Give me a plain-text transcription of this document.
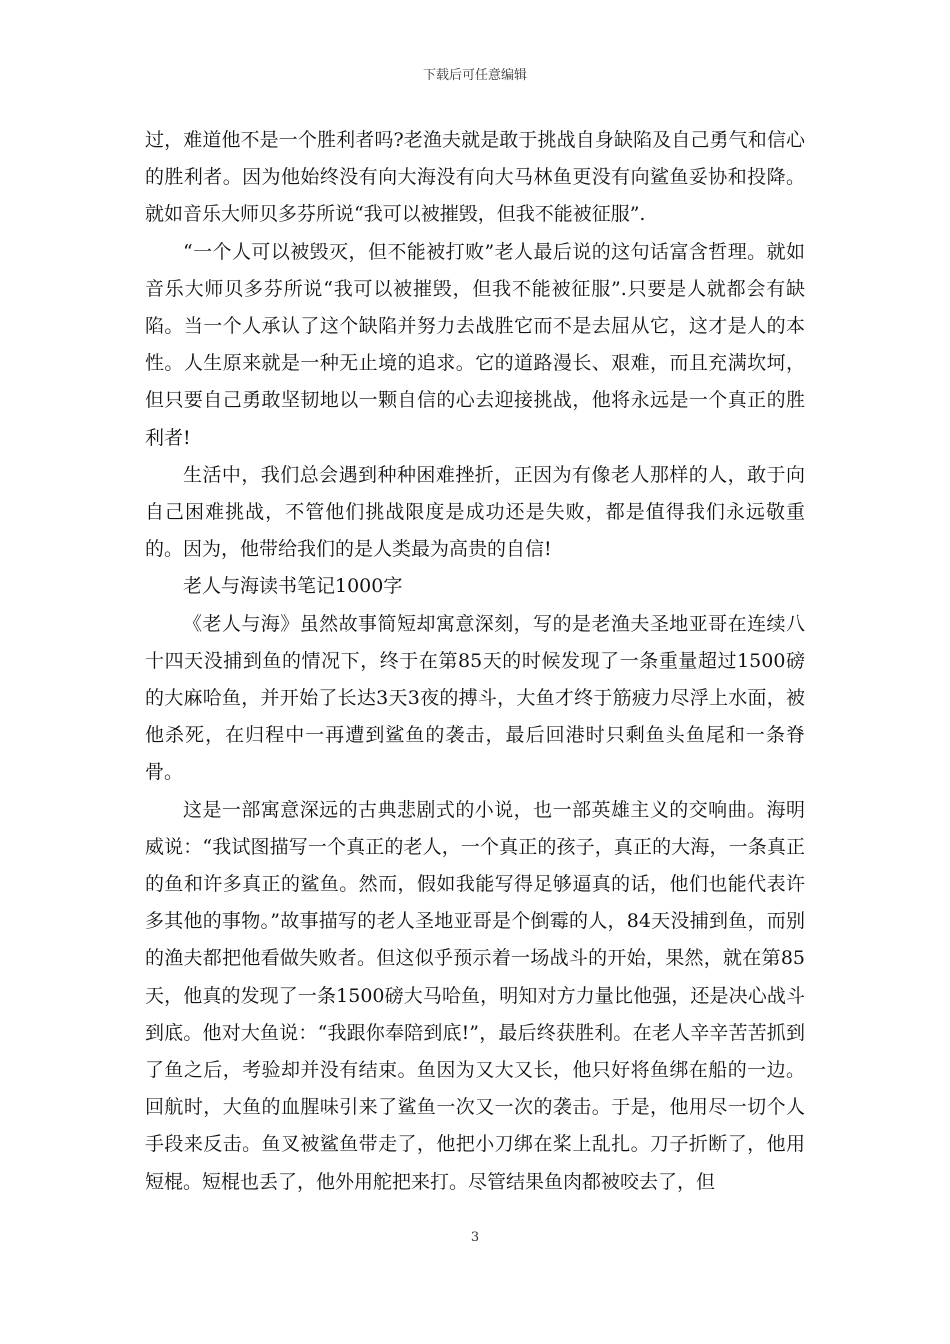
下载后可任意编辑

过，难道他不是一个胜利者吗?老渔夫就是敢于挑战自身缺陷及自己勇气和信心的胜利者。因为他始终没有向大海没有向大马林鱼更没有向鲨鱼妥协和投降。就如音乐大师贝多芬所说“我可以被摧毁，但我不能被征服”.

“一个人可以被毁灭，但不能被打败”老人最后说的这句话富含哲理。就如音乐大师贝多芬所说“我可以被摧毁，但我不能被征服”.只要是人就都会有缺陷。当一个人承认了这个缺陷并努力去战胜它而不是去屈从它，这才是人的本性。人生原来就是一种无止境的追求。它的道路漫长、艰难，而且充满坎坷，但只要自己勇敢坚韧地以一颗自信的心去迎接挑战，他将永远是一个真正的胜利者!

生活中，我们总会遇到种种困难挫折，正因为有像老人那样的人，敢于向自己困难挑战，不管他们挑战限度是成功还是失败，都是值得我们永远敬重的。因为，他带给我们的是人类最为高贵的自信!

老人与海读书笔记1000字

《老人与海》虽然故事简短却寓意深刻，写的是老渔夫圣地亚哥在连续八十四天没捕到鱼的情况下，终于在第85天的时候发现了一条重量超过1500磅的大麻哈鱼，并开始了长达3天3夜的搏斗，大鱼才终于筋疲力尽浮上水面，被他杀死，在归程中一再遭到鲨鱼的袭击，最后回港时只剩鱼头鱼尾和一条脊骨。

这是一部寓意深远的古典悲剧式的小说，也一部英雄主义的交响曲。海明威说：“我试图描写一个真正的老人，一个真正的孩子，真正的大海，一条真正的鱼和许多真正的鲨鱼。然而，假如我能写得足够逼真的话，他们也能代表许多其他的事物。”故事描写的老人圣地亚哥是个倒霉的人，84天没捕到鱼，而别的渔夫都把他看做失败者。但这似乎预示着一场战斗的开始，果然，就在第85天，他真的发现了一条1500磅大马哈鱼，明知对方力量比他强，还是决心战斗到底。他对大鱼说：“我跟你奉陪到底!”，最后终获胜利。在老人辛辛苦苦抓到了鱼之后，考验却并没有结束。鱼因为又大又长，他只好将鱼绑在船的一边。回航时，大鱼的血腥味引来了鲨鱼一次又一次的袭击。于是，他用尽一切个人手段来反击。鱼叉被鲨鱼带走了，他把小刀绑在桨上乱扎。刀子折断了，他用短棍。短棍也丢了，他外用舵把来打。尽管结果鱼肉都被咬去了，但

3
